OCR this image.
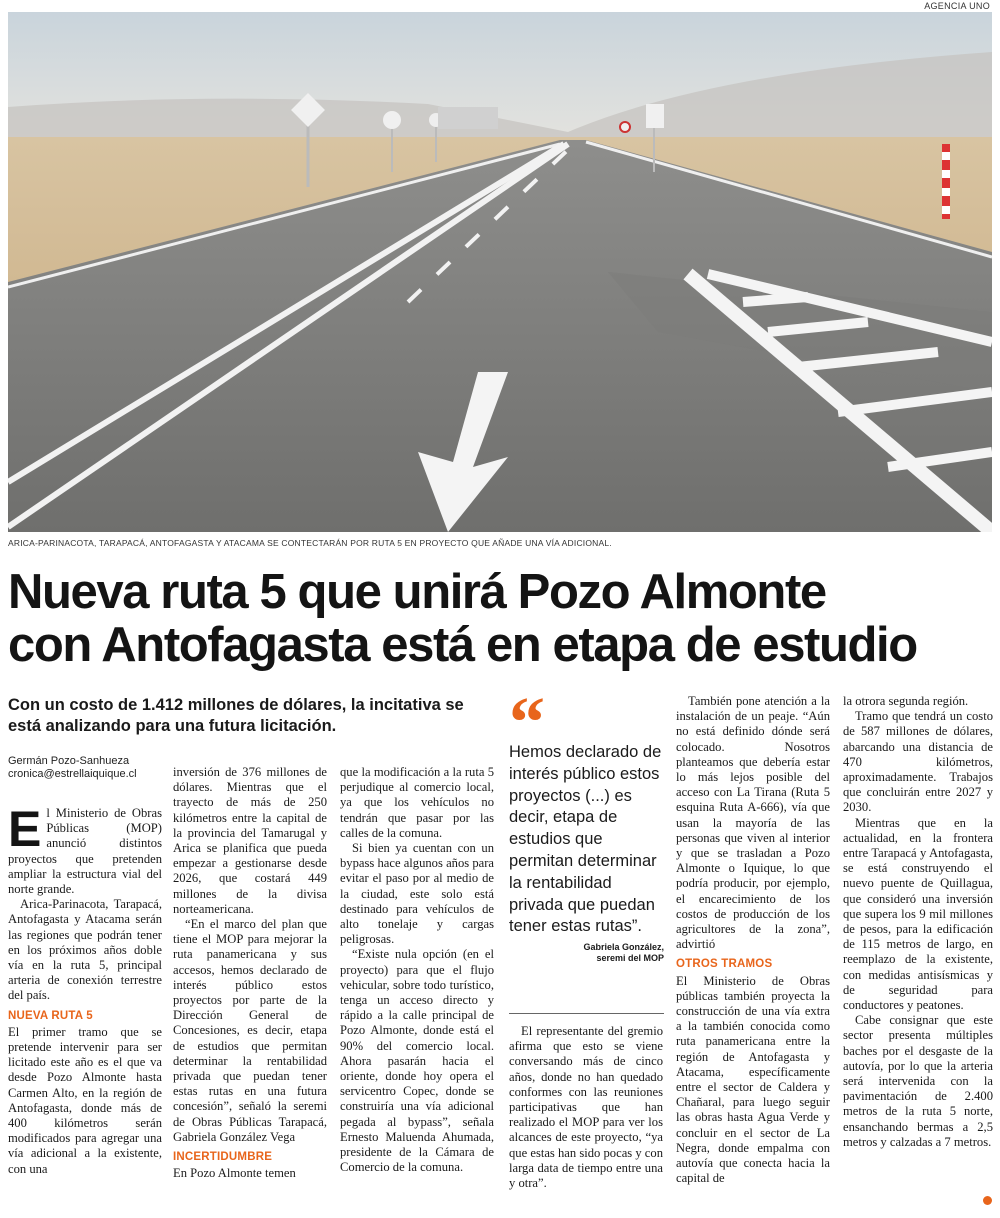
AGENCIA UNO
ARICA-PARINACOTA, TARAPACÁ, ANTOFAGASTA Y ATACAMA SE CONTECTARÁN POR RUTA 5 EN PROYECTO QUE AÑADE UNA VÍA ADICIONAL.
Nueva ruta 5 que unirá Pozo Almonte
con Antofagasta está en etapa de estudio

Con un costo de 1.412 millones de dólares, la incitativa se está analizando para una futura licitación.

Germán Pozo-Sanhueza
cronica@estrellaiquique.cl
E l Ministerio de Obras Públicas (MOP) anunció distintos proyectos que pretenden ampliar la estructura vial del norte grande.

Arica-Parinacota, Tarapacá, Antofagasta y Atacama serán las regiones que podrán tener en los próximos años doble vía en la ruta 5, principal arteria de conexión terrestre del país.

NUEVA RUTA 5

El primer tramo que se pretende intervenir para ser licitado este año es el que va desde Pozo Almonte hasta Carmen Alto, en la región de Antofagasta, donde más de 400 kilómetros serán modificados para agregar una vía adicional a la existente, con una

inversión de 376 millones de dólares. Mientras que el trayecto de más de 250 kilómetros entre la capital de la provincia del Tamarugal y Arica se planifica que pueda empezar a gestionarse desde 2026, que costará 449 millones de la divisa norteamericana.

“En el marco del plan que tiene el MOP para mejorar la ruta panamericana y sus accesos, hemos declarado de interés público estos proyectos por parte de la Dirección General de Concesiones, es decir, etapa de estudios que permitan determinar la rentabilidad privada que puedan tener estas rutas en una futura concesión”, señaló la seremi de Obras Públicas Tarapacá, Gabriela González Vega

INCERTIDUMBRE

En Pozo Almonte temen

que la modificación a la ruta 5 perjudique al comercio local, ya que los vehículos no tendrán que pasar por las calles de la comuna.

Si bien ya cuentan con un bypass hace algunos años para evitar el paso por al medio de la ciudad, este solo está destinado para vehículos de alto tonelaje y cargas peligrosas.

“Existe nula opción (en el proyecto) para que el flujo vehicular, sobre todo turístico, tenga un acceso directo y rápido a la calle principal de Pozo Almonte, donde está el 90% del comercio local. Ahora pasarán hacia el oriente, donde hoy opera el servicentro Copec, donde se construiría una vía adicional pegada al bypass”, señala Ernesto Maluenda Ahumada, presidente de la Cámara de Comercio de la comuna.

“
Hemos declarado de interés público estos proyectos (...) es decir, etapa de estudios que permitan determinar la rentabilidad privada que puedan tener estas rutas”.
Gabriela González,
seremi del MOP

El representante del gremio afirma que esto se viene conversando más de cinco años, donde no han quedado conformes con las reuniones participativas que han realizado el MOP para ver los alcances de este proyecto, “ya que estas han sido pocas y con larga data de tiempo entre una y otra”.

También pone atención a la instalación de un peaje. “Aún no está definido dónde será colocado. Nosotros planteamos que debería estar lo más lejos posible del acceso con La Tirana (Ruta 5 esquina Ruta A-666), vía que usan la mayoría de las personas que viven al interior y que se trasladan a Pozo Almonte o Iquique, lo que podría producir, por ejemplo, el encarecimiento de los costos de producción de los agricultores de la zona”, advirtió

OTROS TRAMOS

El Ministerio de Obras públicas también proyecta la construcción de una vía extra a la también conocida como ruta panamericana entre la región de Antofagasta y Atacama, específicamente entre el sector de Caldera y Chañaral, para luego seguir las obras hasta Agua Verde y concluir en el sector de La Negra, donde empalma con autovía que conecta hacia la capital de

la otrora segunda región.

Tramo que tendrá un costo de 587 millones de dólares, abarcando una distancia de 470 kilómetros, aproximadamente. Trabajos que concluirán entre 2027 y 2030.

Mientras que en la actualidad, en la frontera entre Tarapacá y Antofagasta, se está construyendo el nuevo puente de Quillagua, que consideró una inversión que supera los 9 mil millones de pesos, para la edificación de 115 metros de largo, en reemplazo de la existente, con medidas antisísmicas y de seguridad para conductores y peatones.

Cabe consignar que este sector presenta múltiples baches por el desgaste de la autovía, por lo que la arteria será intervenida con la pavimentación de 2.400 metros de la ruta 5 norte, ensanchando bermas a 2,5 metros y calzadas a 7 metros.
